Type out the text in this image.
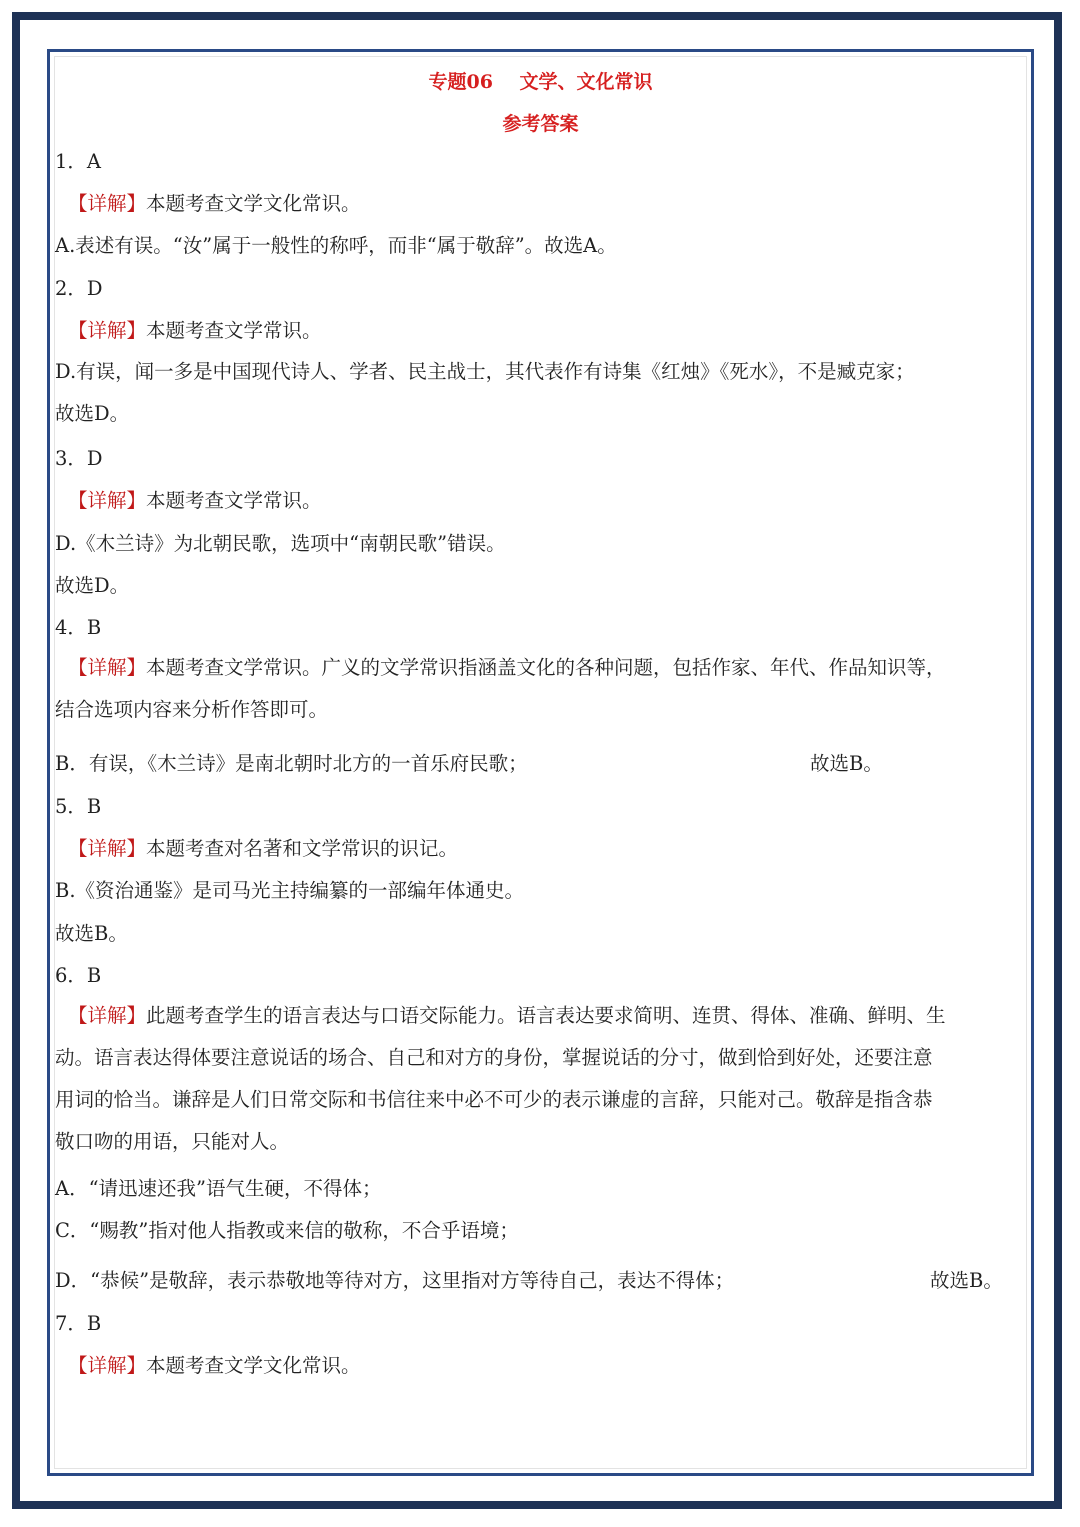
专题06    文学、文化常识
参考答案
1．A
【详解】本题考查文学文化常识。
A.表述有误。“汝”属于一般性的称呼，而非“属于敬辞”。故选A。
2．D
【详解】本题考查文学常识。
D.有误，闻一多是中国现代诗人、学者、民主战士，其代表作有诗集《红烛》《死水》，不是臧克家；
故选D。
3．D
【详解】本题考查文学常识。
D.《木兰诗》为北朝民歌，选项中“南朝民歌”错误。
故选D。
4．B
【详解】本题考查文学常识。广义的文学常识指涵盖文化的各种问题，包括作家、年代、作品知识等，
结合选项内容来分析作答即可。
B．有误，《木兰诗》是南北朝时北方的一首乐府民歌；	故选B。
5．B
【详解】本题考查对名著和文学常识的识记。
B.《资治通鉴》是司马光主持编纂的一部编年体通史。
故选B。
6．B
【详解】此题考查学生的语言表达与口语交际能力。语言表达要求简明、连贯、得体、准确、鲜明、生
动。语言表达得体要注意说话的场合、自己和对方的身份，掌握说话的分寸，做到恰到好处，还要注意
用词的恰当。谦辞是人们日常交际和书信往来中必不可少的表示谦虚的言辞，只能对己。敬辞是指含恭
敬口吻的用语，只能对人。
A．“请迅速还我”语气生硬，不得体；
C．“赐教”指对他人指教或来信的敬称，不合乎语境；
D．“恭候”是敬辞，表示恭敬地等待对方，这里指对方等待自己，表达不得体；	故选B。
7．B
【详解】本题考查文学文化常识。
